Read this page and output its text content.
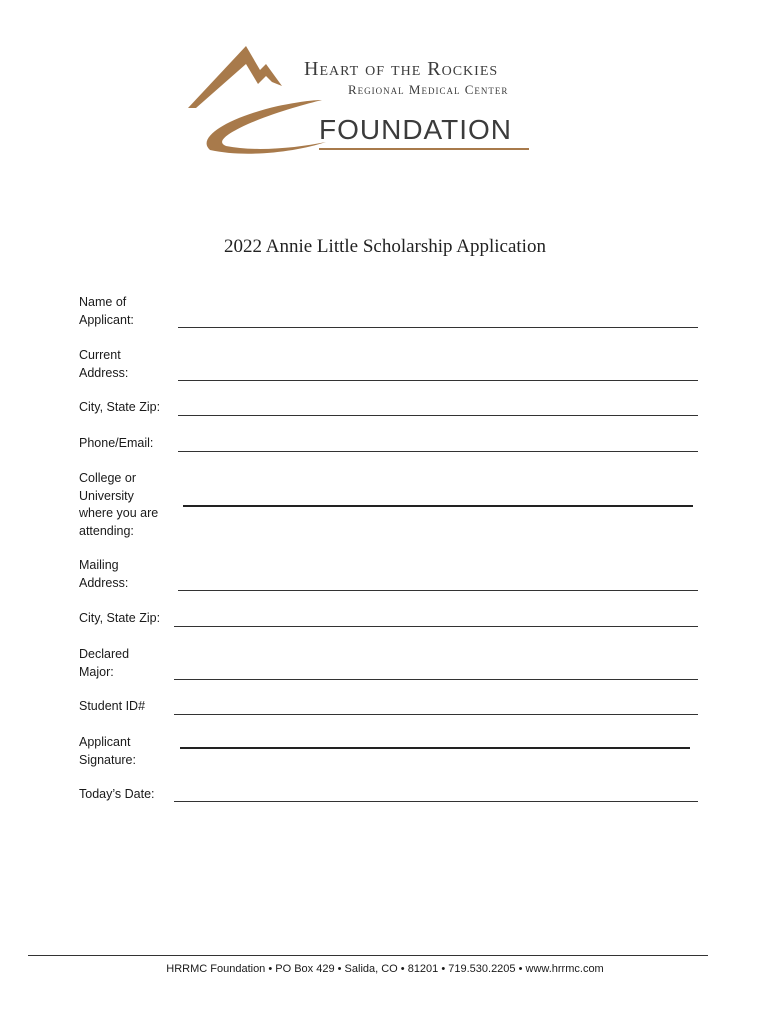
Heart of the Rockies
Regional Medical Center
FOUNDATION
2022 Annie Little Scholarship Application
Name of
Applicant:
Current
Address:
City, State Zip:
Phone/Email:
College or
University
where you are
attending:
Mailing
Address:
City, State Zip:
Declared
Major:
Student ID#
Applicant
Signature:
Today’s Date:
HRRMC Foundation • PO Box 429 • Salida, CO • 81201 • 719.530.2205 • www.hrrmc.com
